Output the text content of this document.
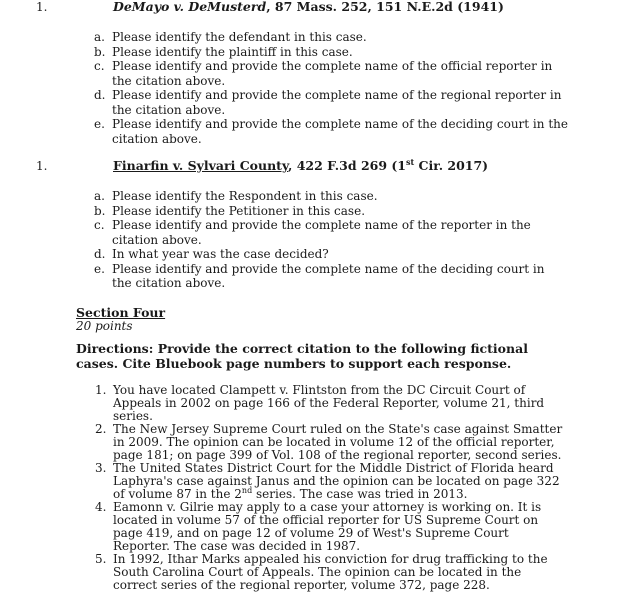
1.	DeMayo v. DeMusterd, 87 Mass. 252, 151 N.E.2d (1941)
a. Please identify the defendant in this case.
b. Please identify the plaintiff in this case.
c. Please identify and provide the complete name of the official reporter in the citation above.
d. Please identify and provide the complete name of the regional reporter in the citation above.
e. Please identify and provide the complete name of the deciding court in the citation above.
1.	Finarfin v. Sylvari County, 422 F.3d 269 (1st Cir. 2017)
a. Please identify the Respondent in this case.
b. Please identify the Petitioner in this case.
c. Please identify and provide the complete name of the reporter in the citation above.
d. In what year was the case decided?
e. Please identify and provide the complete name of the deciding court in the citation above.
Section Four
20 points
Directions: Provide the correct citation to the following fictional cases. Cite Bluebook page numbers to support each response.
1. You have located Clampett v. Flintston from the DC Circuit Court of Appeals in 2002 on page 166 of the Federal Reporter, volume 21, third series.
2. The New Jersey Supreme Court ruled on the State's case against Smatter in 2009. The opinion can be located in volume 12 of the official reporter, page 181; on page 399 of Vol. 108 of the regional reporter, second series.
3. The United States District Court for the Middle District of Florida heard Laphyra's case against Janus and the opinion can be located on page 322 of volume 87 in the 2nd series. The case was tried in 2013.
4. Eamonn v. Gilrie may apply to a case your attorney is working on. It is located in volume 57 of the official reporter for US Supreme Court on page 419, and on page 12 of volume 29 of West's Supreme Court Reporter. The case was decided in 1987.
5. In 1992, Ithar Marks appealed his conviction for drug trafficking to the South Carolina Court of Appeals. The opinion can be located in the correct series of the regional reporter, volume 372, page 228.
